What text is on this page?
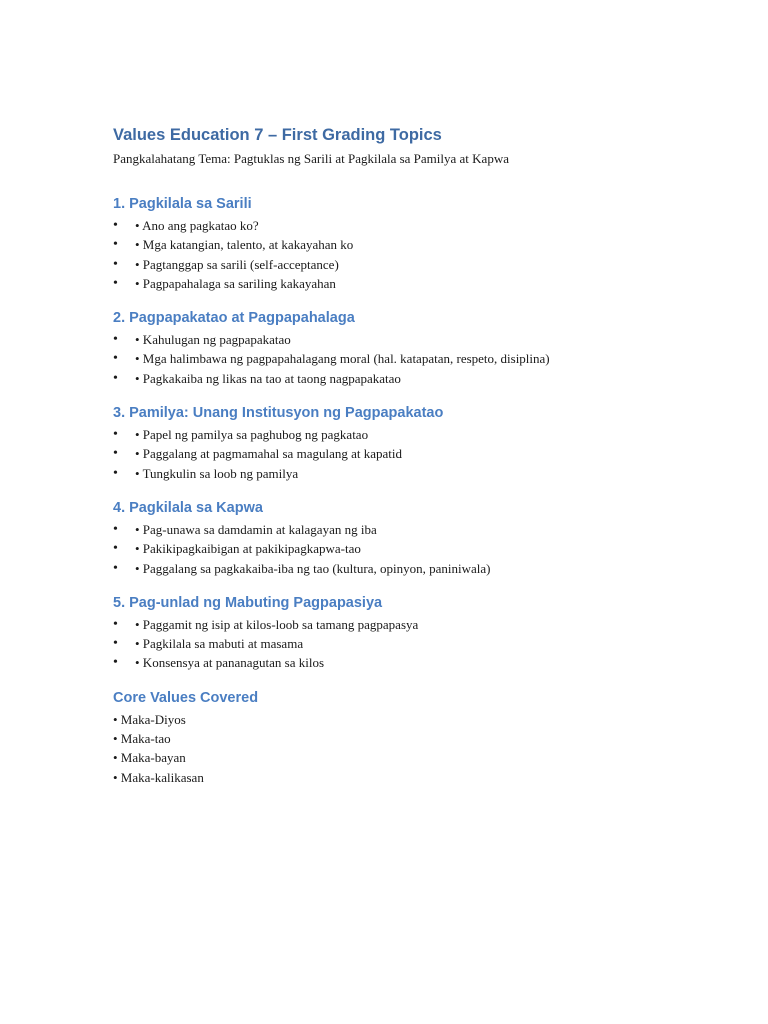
Values Education 7 – First Grading Topics

Pangkalahatang Tema: Pagtuklas ng Sarili at Pagkilala sa Pamilya at Kapwa

1. Pagkilala sa Sarili
• • Ano ang pagkatao ko?
• • Mga katangian, talento, at kakayahan ko
• • Pagtanggap sa sarili (self-acceptance)
• • Pagpapahalaga sa sariling kakayahan
2. Pagpapakatao at Pagpapahalaga
• • Kahulugan ng pagpapakatao
• • Mga halimbawa ng pagpapahalagang moral (hal. katapatan, respeto, disiplina)
• • Pagkakaiba ng likas na tao at taong nagpapakatao
3. Pamilya: Unang Institusyon ng Pagpapakatao
• • Papel ng pamilya sa paghubog ng pagkatao
• • Paggalang at pagmamahal sa magulang at kapatid
• • Tungkulin sa loob ng pamilya
4. Pagkilala sa Kapwa
• • Pag-unawa sa damdamin at kalagayan ng iba
• • Pakikipagkaibigan at pakikipagkapwa-tao
• • Paggalang sa pagkakaiba-iba ng tao (kultura, opinyon, paniniwala)
5. Pag-unlad ng Mabuting Pagpapasiya
• • Paggamit ng isip at kilos-loob sa tamang pagpapasya
• • Pagkilala sa mabuti at masama
• • Konsensya at pananagutan sa kilos
Core Values Covered
• Maka-Diyos
• Maka-tao
• Maka-bayan
• Maka-kalikasan
